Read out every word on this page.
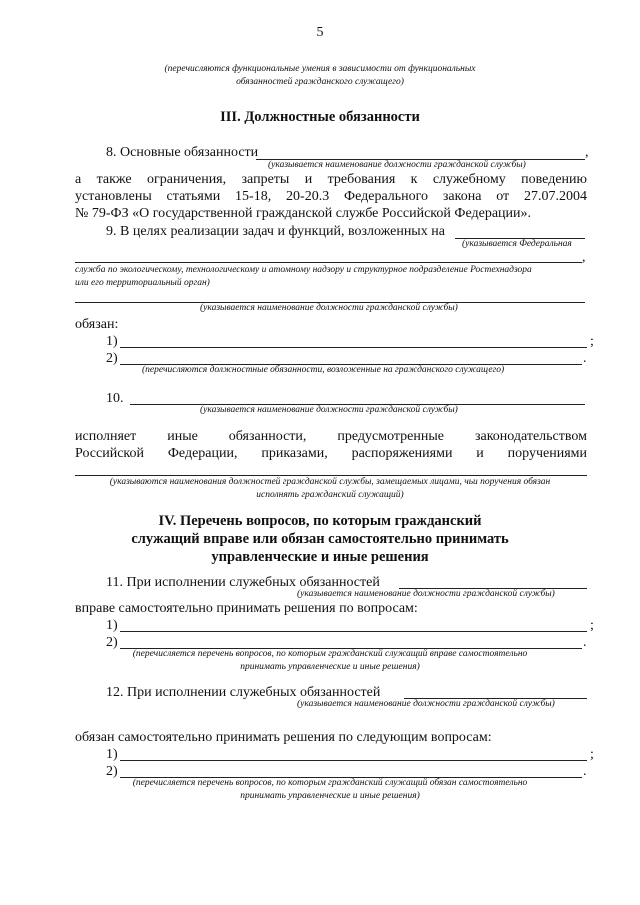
5
(перечисляются функциональные умения в зависимости от функциональных
обязанностей гражданского служащего)
III. Должностные обязанности
8. Основные обязанности	,
(указывается наименование должности гражданской службы)
а также ограничения, запреты и требования к служебному поведению
установлены статьями 15-18, 20-20.3 Федерального закона от 27.07.2004
№ 79-ФЗ «О государственной гражданской службе Российской Федерации».
9. В целях реализации задач и функций, возложенных на
(указывается Федеральная
,
служба по экологическому, технологическому и атомному надзору и структурное подразделение Ростехнадзора
или его территориальный орган)
(указывается наименование должности гражданской службы)
обязан:
1)	;
2)	.
(перечисляются должностные обязанности, возложенные на гражданского служащего)
10.
(указывается наименование должности гражданской службы)
исполняет иные обязанности, предусмотренные законодательством
Российской Федерации, приказами, распоряжениями и поручениями
(указываются наименования должностей гражданской службы, замещаемых лицами, чьи поручения обязан
исполнять гражданский служащий)
IV. Перечень вопросов, по которым гражданский
служащий вправе или обязан самостоятельно принимать
управленческие и иные решения
11. При исполнении служебных обязанностей
(указывается наименование должности гражданской службы)
вправе самостоятельно принимать решения по вопросам:
1)	;
2)	.
(перечисляется перечень вопросов, по которым гражданский служащий вправе самостоятельно
принимать управленческие и иные решения)
12. При исполнении служебных обязанностей
(указывается наименование должности гражданской службы)
обязан самостоятельно принимать решения по следующим вопросам:
1)	;
2)	.
(перечисляется перечень вопросов, по которым гражданский служащий обязан самостоятельно
принимать управленческие и иные решения)
